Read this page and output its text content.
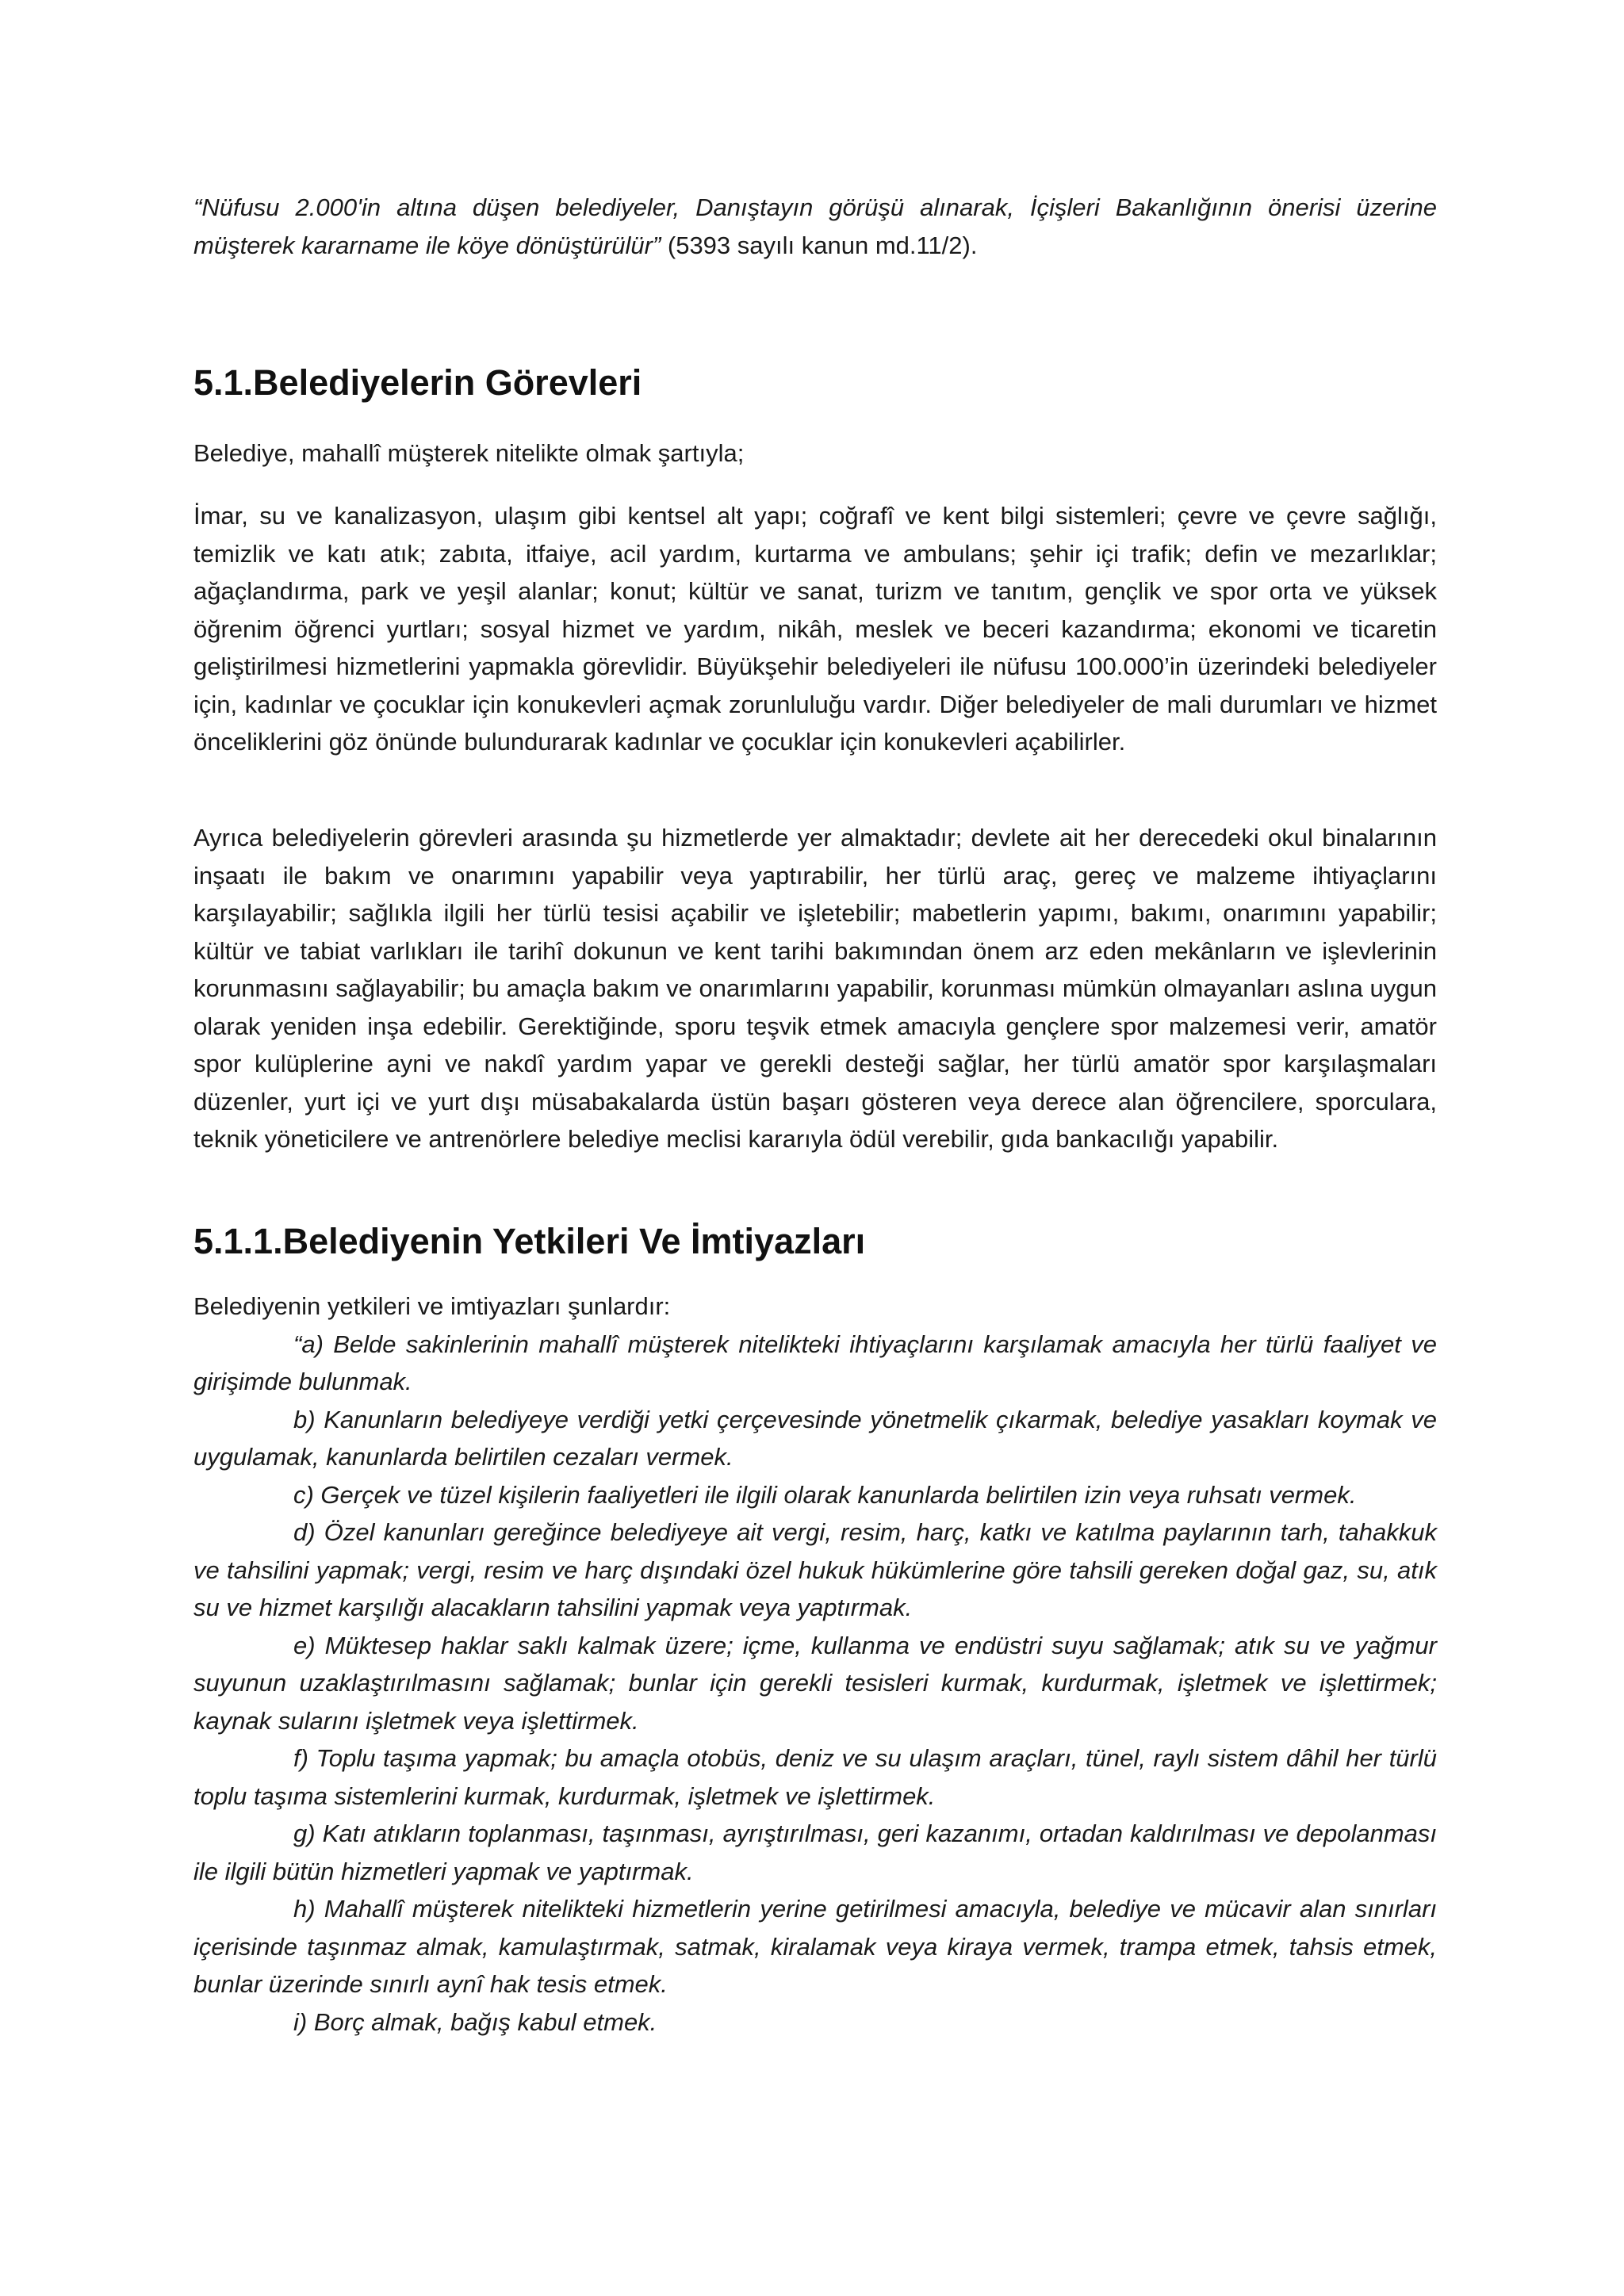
“Nüfusu 2.000'in altına düşen belediyeler, Danıştayın görüşü alınarak, İçişleri Bakanlığının önerisi üzerine müşterek kararname ile köye dönüştürülür” (5393 sayılı kanun md.11/2).

5.1.Belediyelerin Görevleri

Belediye, mahallî müşterek nitelikte olmak şartıyla;

İmar, su ve kanalizasyon, ulaşım gibi kentsel alt yapı; coğrafî ve kent bilgi sistemleri; çevre ve çevre sağlığı, temizlik ve katı atık; zabıta, itfaiye, acil yardım, kurtarma ve ambulans; şehir içi trafik; defin ve mezarlıklar; ağaçlandırma, park ve yeşil alanlar; konut; kültür ve sanat, turizm ve tanıtım, gençlik ve spor orta ve yüksek öğrenim öğrenci yurtları; sosyal hizmet ve yardım, nikâh, meslek ve beceri kazandırma; ekonomi ve ticaretin geliştirilmesi hizmetlerini yapmakla görevlidir. Büyükşehir belediyeleri ile nüfusu 100.000’in üzerindeki belediyeler için, kadınlar ve çocuklar için konukevleri açmak zorunluluğu vardır. Diğer belediyeler de mali durumları ve hizmet önceliklerini göz önünde bulundurarak kadınlar ve çocuklar için konukevleri açabilirler.

Ayrıca belediyelerin görevleri arasında şu hizmetlerde yer almaktadır; devlete ait her derecedeki okul binalarının inşaatı ile bakım ve onarımını yapabilir veya yaptırabilir, her türlü araç, gereç ve malzeme ihtiyaçlarını karşılayabilir; sağlıkla ilgili her türlü tesisi açabilir ve işletebilir; mabetlerin yapımı, bakımı, onarımını yapabilir; kültür ve tabiat varlıkları ile tarihî dokunun ve kent tarihi bakımından önem arz eden mekânların ve işlevlerinin korunmasını sağlayabilir; bu amaçla bakım ve onarımlarını yapabilir, korunması mümkün olmayanları aslına uygun olarak yeniden inşa edebilir. Gerektiğinde, sporu teşvik etmek amacıyla gençlere spor malzemesi verir, amatör spor kulüplerine ayni ve nakdî yardım yapar ve gerekli desteği sağlar, her türlü amatör spor karşılaşmaları düzenler, yurt içi ve yurt dışı müsabakalarda üstün başarı gösteren veya derece alan öğrencilere, sporculara, teknik yöneticilere ve antrenörlere belediye meclisi kararıyla ödül verebilir, gıda bankacılığı yapabilir.

5.1.1.Belediyenin Yetkileri Ve İmtiyazları

Belediyenin yetkileri ve imtiyazları şunlardır:

“a) Belde sakinlerinin mahallî müşterek nitelikteki ihtiyaçlarını karşılamak amacıyla her türlü faaliyet ve girişimde bulunmak.

b) Kanunların belediyeye verdiği yetki çerçevesinde yönetmelik çıkarmak, belediye yasakları koymak ve uygulamak, kanunlarda belirtilen cezaları vermek.

c) Gerçek ve tüzel kişilerin faaliyetleri ile ilgili olarak kanunlarda belirtilen izin veya ruhsatı vermek.

d) Özel kanunları gereğince belediyeye ait vergi, resim, harç, katkı ve katılma paylarının tarh, tahakkuk ve tahsilini yapmak; vergi, resim ve harç dışındaki özel hukuk hükümlerine göre tahsili gereken doğal gaz, su, atık su ve hizmet karşılığı alacakların tahsilini yapmak veya yaptırmak.

e) Müktesep haklar saklı kalmak üzere; içme, kullanma ve endüstri suyu sağlamak; atık su ve yağmur suyunun uzaklaştırılmasını sağlamak; bunlar için gerekli tesisleri kurmak, kurdurmak, işletmek ve işlettirmek; kaynak sularını işletmek veya işlettirmek.

f) Toplu taşıma yapmak; bu amaçla otobüs, deniz ve su ulaşım araçları, tünel, raylı sistem dâhil her türlü toplu taşıma sistemlerini kurmak, kurdurmak, işletmek ve işlettirmek.

g) Katı atıkların toplanması, taşınması, ayrıştırılması, geri kazanımı, ortadan kaldırılması ve depolanması ile ilgili bütün hizmetleri yapmak ve yaptırmak.

h) Mahallî müşterek nitelikteki hizmetlerin yerine getirilmesi amacıyla, belediye ve mücavir alan sınırları içerisinde taşınmaz almak, kamulaştırmak, satmak, kiralamak veya kiraya vermek, trampa etmek, tahsis etmek, bunlar üzerinde sınırlı aynî hak tesis etmek.

i) Borç almak, bağış kabul etmek.
